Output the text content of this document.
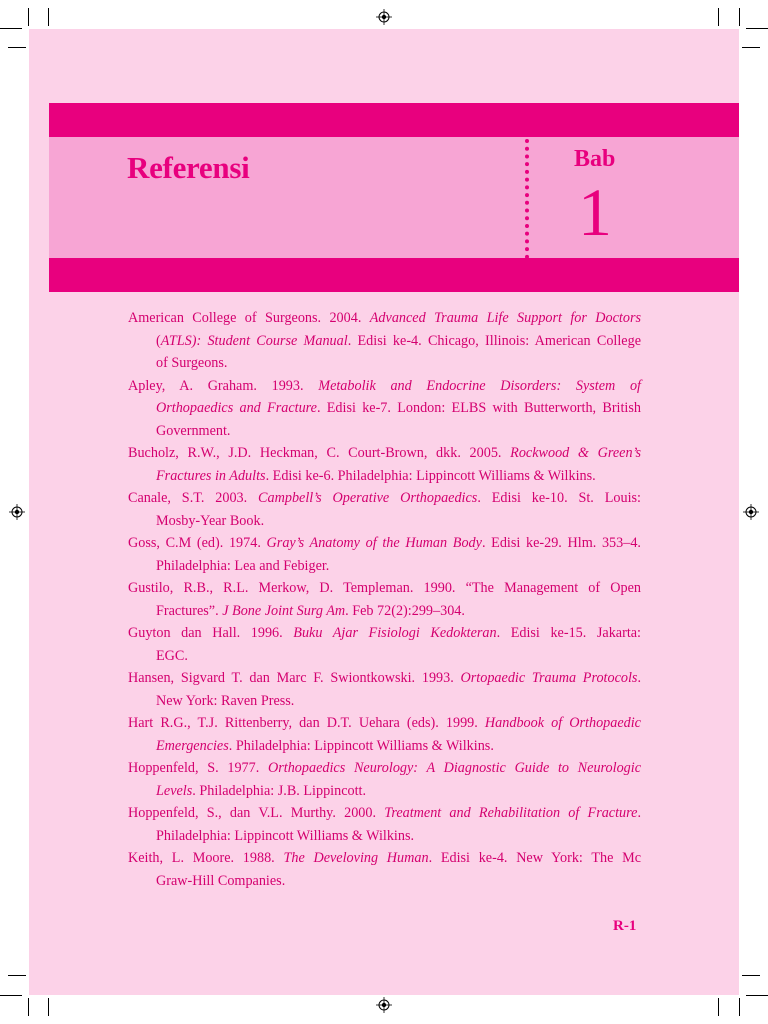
Referensi	Bab
1
American College of Surgeons. 2004. Advanced Trauma Life Support for Doctors
(ATLS): Student Course Manual. Edisi ke-4. Chicago, Illinois: American College
of Surgeons.
Apley, A. Graham. 1993. Metabolik and Endocrine Disorders: System of
Orthopaedics and Fracture. Edisi ke-7. London: ELBS with Butterworth, British
Government.
Bucholz, R.W., J.D. Heckman, C. Court-Brown, dkk. 2005. Rockwood & Green’s
Fractures in Adults. Edisi ke-6. Philadelphia: Lippincott Williams & Wilkins.
Canale, S.T. 2003. Campbell’s Operative Orthopaedics. Edisi ke-10. St. Louis:
Mosby-Year Book.
Goss, C.M (ed). 1974. Gray’s Anatomy of the Human Body. Edisi ke-29. Hlm. 353–4.
Philadelphia: Lea and Febiger.
Gustilo, R.B., R.L. Merkow, D. Templeman. 1990. “The Management of Open
Fractures”. J Bone Joint Surg Am. Feb 72(2):299–304.
Guyton dan Hall. 1996. Buku Ajar Fisiologi Kedokteran. Edisi ke-15. Jakarta:
EGC.
Hansen, Sigvard T. dan Marc F. Swiontkowski. 1993. Ortopaedic Trauma Protocols.
New York: Raven Press.
Hart R.G., T.J. Rittenberry, dan D.T. Uehara (eds). 1999. Handbook of Orthopaedic
Emergencies. Philadelphia: Lippincott Williams & Wilkins.
Hoppenfeld, S. 1977. Orthopaedics Neurology: A Diagnostic Guide to Neurologic
Levels. Philadelphia: J.B. Lippincott.
Hoppenfeld, S., dan V.L. Murthy. 2000. Treatment and Rehabilitation of Fracture.
Philadelphia: Lippincott Williams & Wilkins.
Keith, L. Moore. 1988. The Develoving Human. Edisi ke-4. New York: The Mc
Graw-Hill Companies.
R-1
